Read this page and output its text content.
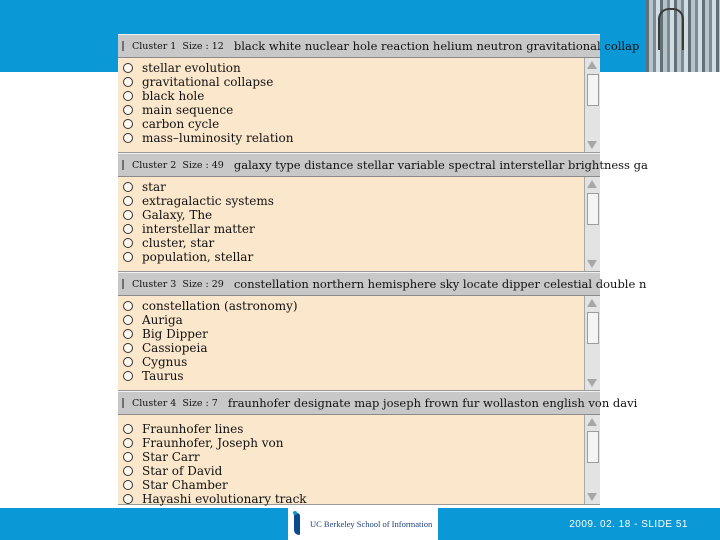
Cluster 1 Size : 12 black white nuclear hole reaction helium neutron gravitational collap
stellar evolution
gravitational collapse
black hole
main sequence
carbon cycle
mass–luminosity relation
Cluster 2 Size : 49 galaxy type distance stellar variable spectral interstellar brightness ga
star
extragalactic systems
Galaxy, The
interstellar matter
cluster, star
population, stellar
Cluster 3 Size : 29 constellation northern hemisphere sky locate dipper celestial double n
constellation (astronomy)
Auriga
Big Dipper
Cassiopeia
Cygnus
Taurus
Cluster 4 Size : 7 fraunhofer designate map joseph frown fur wollaston english von davi
Fraunhofer lines
Fraunhofer, Joseph von
Star Carr
Star of David
Star Chamber
Hayashi evolutionary track
UC Berkeley School of Information	2009. 02. 18 - SLIDE 51
